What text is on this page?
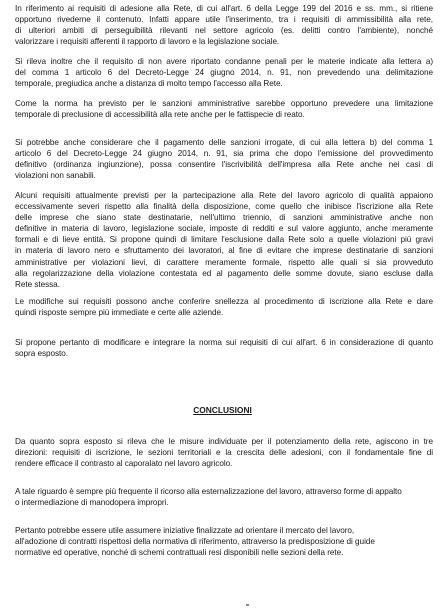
In riferimento ai requisiti di adesione alla Rete, di cui all'art. 6 della Legge 199 del 2016 e ss. mm., si ritiene
opportuno rivederne il contenuto. Infatti appare utile l'inserimento, tra i requisiti di ammissibilità alla rete,
di ulteriori ambiti di perseguibilità rilevanti nel settore agricolo (es. delitti contro l'ambiente), nonché
valorizzare i requisiti afferenti il rapporto di lavoro e la legislazione sociale.
Si rileva inoltre che il requisito di non avere riportato condanne penali per le materie indicate alla lettera a)
del comma 1 articolo 6 del Decreto-Legge 24 giugno 2014, n. 91, non prevedendo una delimitazione
temporale, pregiudica anche a distanza di molto tempo l'accesso alla Rete.
Come la norma ha previsto per le sanzioni amministrative sarebbe opportuno prevedere una limitazione
temporale di preclusione di accessibilità alla rete anche per le fattispecie di reato.
Si potrebbe anche considerare che il pagamento delle sanzioni irrogate, di cui alla lettera b) del comma 1
articolo 6 del Decreto-Legge 24 giugno 2014, n. 91, sia prima che dopo l'emissione del provvedimento
definitivo (ordinanza ingiunzione), possa consentire l'iscrivibilità dell'impresa alla Rete anche nei casi di
violazioni non sanabili.
Alcuni requisiti attualmente previsti per la partecipazione alla Rete del lavoro agricolo di qualità appaiono
eccessivamente severi rispetto alla finalità della disposizione, come quello che inibisce l'iscrizione alla Rete
delle imprese che siano state destinatarie, nell'ultimo triennio, di sanzioni amministrative anche non
definitive in materia di lavoro, legislazione sociale, imposte di redditi e sul valore aggiunto, anche meramente
formali e di lieve entità. Si propone quindi di limitare l'esclusione dalla Rete solo a quelle violazioni più gravi
in materia di lavoro nero e sfruttamento dei lavoratori, al fine di evitare che imprese destinatarie di sanzioni
amministrative per violazioni lievi, di carattere meramente formale, rispetto alle quali si sia provveduto
alla regolarizzazione della violazione contestata ed al pagamento delle somme dovute, siano escluse dalla
Rete stessa.
Le modifiche sui requisiti possono anche conferire snellezza al procedimento di iscrizione alla Rete e dare
quindi risposte sempre più immediate e certe alle aziende.
Si propone pertanto di modificare e integrare la norma sui requisiti di cui all'art. 6 in considerazione di quanto
sopra esposto.
CONCLUSIONI
Da quanto sopra esposto si rileva che le misure individuate per il potenziamento della rete, agiscono in tre
direzioni: requisiti di iscrizione, le sezioni territoriali e la crescita delle adesioni, con il fondamentale fine di
rendere efficace il contrasto al caporalato nel lavoro agricolo.
A tale riguardo è sempre più frequente il ricorso alla esternalizzazione del lavoro, attraverso forme di appalto
o intermediazione di manodopera impropri.
Pertanto potrebbe essere utile assumere iniziative finalizzate ad orientare il mercato del lavoro,
all'adozione di contratti rispettosi della normativa di riferimento, attraverso la predisposizione di guide
normative ed operative, nonché di schemi contrattuali resi disponibili nelle sezioni della rete.
